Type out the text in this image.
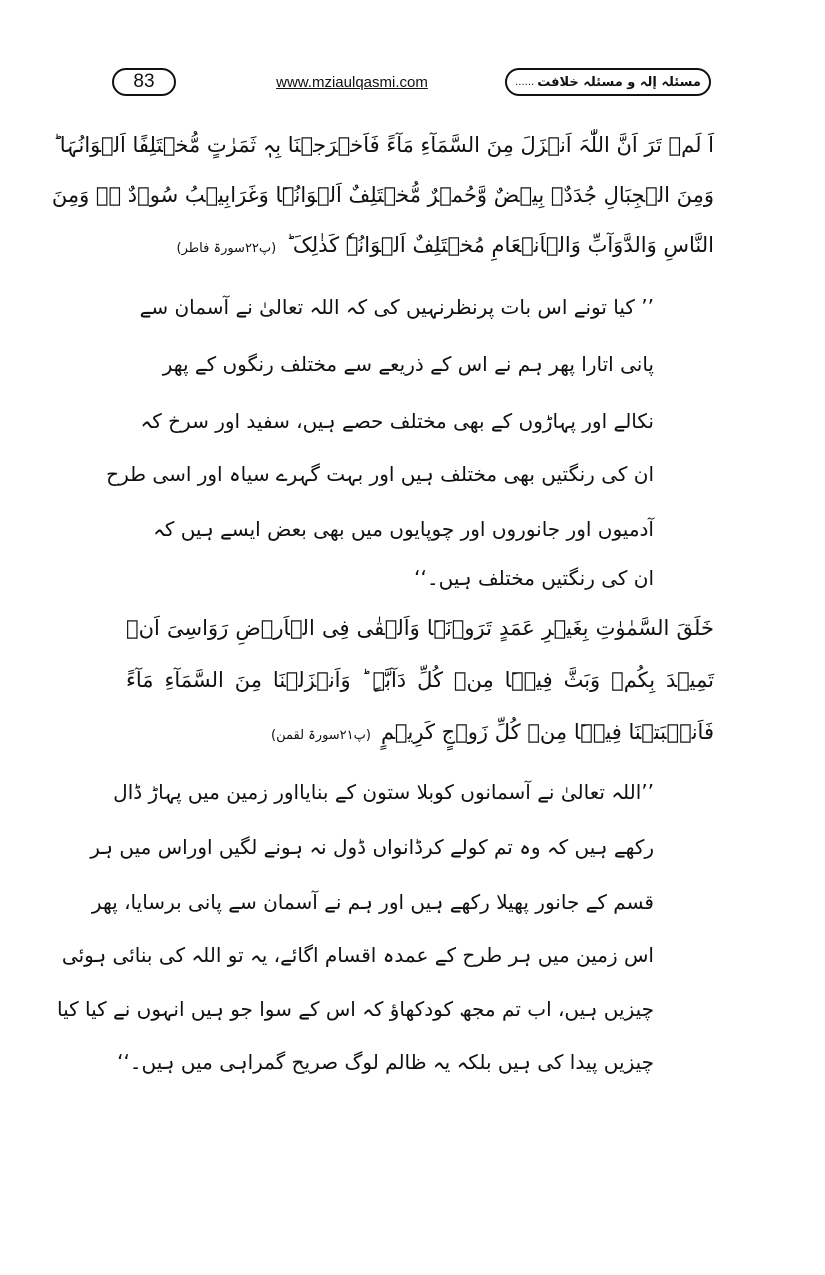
83	www.mziaulqasmi.com	مسئلہ إلہ و مسئلہ خلافت
......
اَ لَمۡ تَرَ اَنَّ اللّٰہَ اَنۡزَلَ مِنَ السَّمَآءِ مَآءً فَاَخۡرَجۡنَا بِہٖ ثَمَرٰتٍ مُّخۡتَلِفًا اَلۡوَانُہَا ؕ
وَمِنَ الۡجِبَالِ جُدَدٌۢ بِیۡضٌ وَّحُمۡرٌ مُّخۡتَلِفٌ اَلۡوَانُہَا وَغَرَابِیۡبُ سُوۡدٌ ﴿﴾ وَمِنَ
النَّاسِ وَالدَّوَآبِّ وَالۡاَنۡعَامِ مُخۡتَلِفٌ اَلۡوَانُہٗ کَذٰلِکَ ؕ(پ۲۲سورۃ فاطر)
’’ کیا تونے اس بات پرنظرنہیں کی کہ اللہ تعالیٰ نے آسمان سے
پانی اتارا پھر ہم نے اس کے ذریعے سے مختلف رنگوں کے پھر
نکالے اور پہاڑوں کے بھی مختلف حصے ہیں، سفید اور سرخ کہ
ان کی رنگتیں بھی مختلف ہیں اور بہت گہرے سیاہ اور اسی طرح
آدمیوں اور جانوروں اور چوپایوں میں بھی بعض ایسے ہیں کہ
ان کی رنگتیں مختلف ہیں۔‘‘
خَلَقَ السَّمٰوٰتِ بِغَیۡرِ عَمَدٍ تَرَوۡنَہَا وَاَلۡقٰی فِی الۡاَرۡضِ رَوَاسِیَ اَنۡ
تَمِیۡدَ بِکُمۡ وَبَثَّ فِیۡہَا مِنۡ کُلِّ دَآبَّۃٍ ؕ وَاَنۡزَلۡنَا مِنَ السَّمَآءِ مَآءً
فَاَنۡۢبَتۡنَا فِیۡہَا مِنۡ کُلِّ زَوۡجٍ کَرِیۡمٍ(پ۲۱سورۃ لقمن)
’’اللہ تعالیٰ نے آسمانوں کوبلا ستون کے بنایااور زمین میں پہاڑ ڈال
رکھے ہیں کہ وہ تم کولے کرڈانواں ڈول نہ ہونے لگیں اوراس میں ہر
قسم کے جانور پھیلا رکھے ہیں اور ہم نے آسمان سے پانی برسایا، پھر
اس زمین میں ہر طرح کے عمدہ اقسام اگائے، یہ تو اللہ کی بنائی ہوئی
چیزیں ہیں، اب تم مجھ کودکھاؤ کہ اس کے سوا جو ہیں انہوں نے کیا کیا
چیزیں پیدا کی ہیں بلکہ یہ ظالم لوگ صریح گمراہی میں ہیں۔‘‘
